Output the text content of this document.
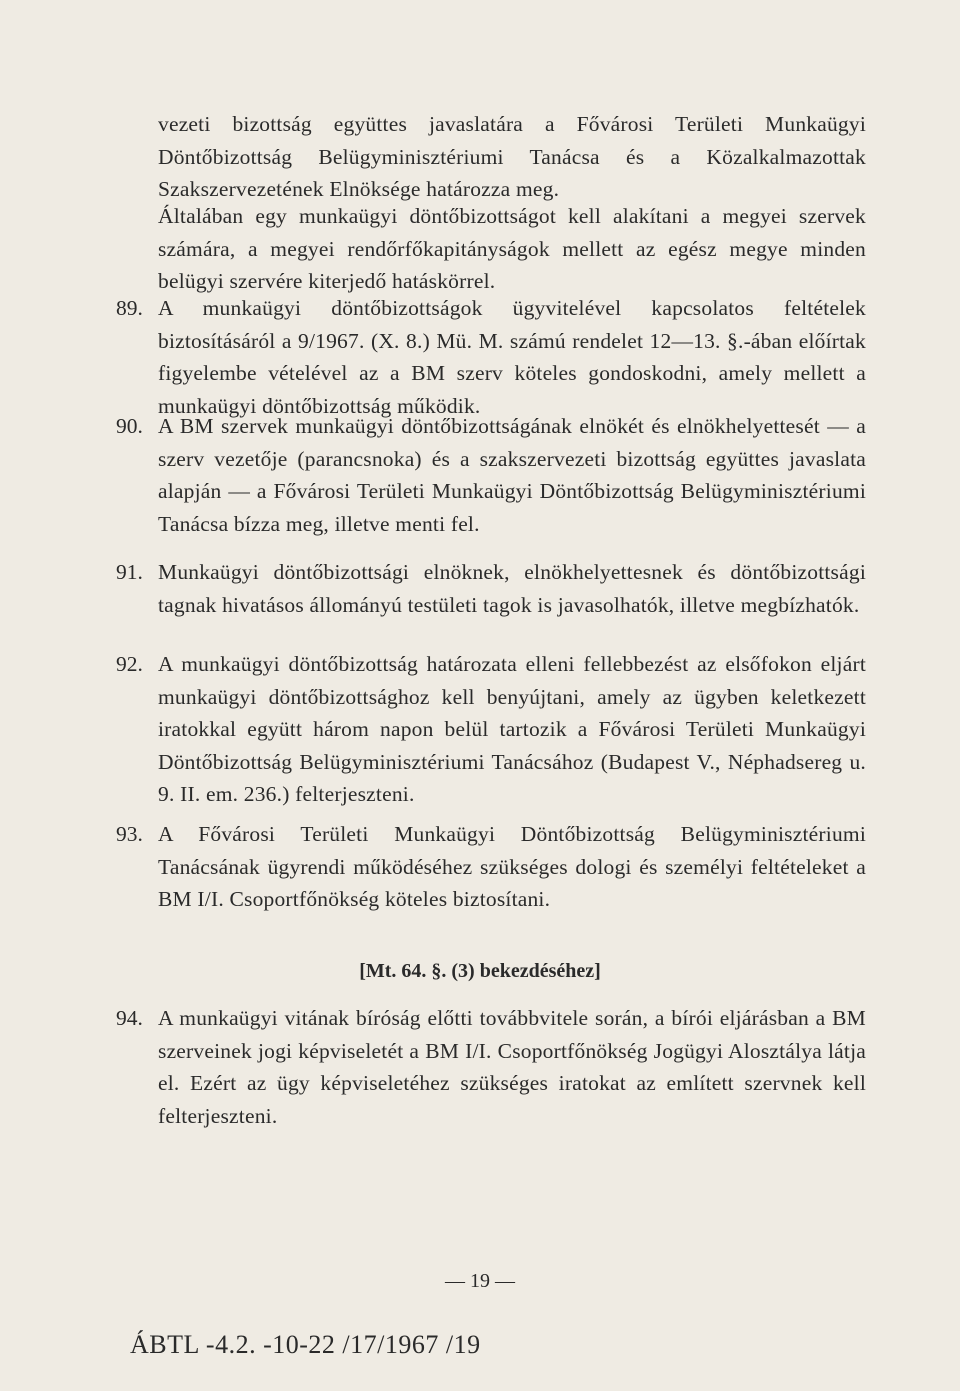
vezeti bizottság együttes javaslatára a Fővárosi Területi Munkaügyi Döntőbizottság Belügyminisztériumi Tanácsa és a Közalkalmazottak Szakszervezetének Elnöksége határozza meg.
Általában egy munkaügyi döntőbizottságot kell alakítani a megyei szervek számára, a megyei rendőrfőkapitányságok mellett az egész megye minden belügyi szervére kiterjedő hatáskörrel.
89. A munkaügyi döntőbizottságok ügyvitelével kapcsolatos feltételek biztosításáról a 9/1967. (X. 8.) Mü. M. számú rendelet 12—13. §.-ában előírtak figyelembe vételével az a BM szerv köteles gondoskodni, amely mellett a munkaügyi döntőbizottság működik.
90. A BM szervek munkaügyi döntőbizottságának elnökét és elnökhelyettesét — a szerv vezetője (parancsnoka) és a szakszervezeti bizottság együttes javaslata alapján — a Fővárosi Területi Munkaügyi Döntőbizottság Belügyminisztériumi Tanácsa bízza meg, illetve menti fel.
91. Munkaügyi döntőbizottsági elnöknek, elnökhelyettesnek és döntőbizottsági tagnak hivatásos állományú testületi tagok is javasolhatók, illetve megbízhatók.
92. A munkaügyi döntőbizottság határozata elleni fellebbezést az elsőfokon eljárt munkaügyi döntőbizottsághoz kell benyújtani, amely az ügyben keletkezett iratokkal együtt három napon belül tartozik a Fővárosi Területi Munkaügyi Döntőbizottság Belügyminisztériumi Tanácsához (Budapest V., Néphadsereg u. 9. II. em. 236.) felterjeszteni.
93. A Fővárosi Területi Munkaügyi Döntőbizottság Belügyminisztériumi Tanácsának ügyrendi működéséhez szükséges dologi és személyi feltételeket a BM I/I. Csoportfőnökség köteles biztosítani.
[Mt. 64. §. (3) bekezdéséhez]
94. A munkaügyi vitának bíróság előtti továbbvitele során, a bírói eljárásban a BM szerveinek jogi képviseletét a BM I/I. Csoportfőnökség Jogügyi Alosztálya látja el. Ezért az ügy képviseletéhez szükséges iratokat az említett szervnek kell felterjeszteni.
— 19 —
ÁBTL -4.2. -10-22 /17/1967 /19
